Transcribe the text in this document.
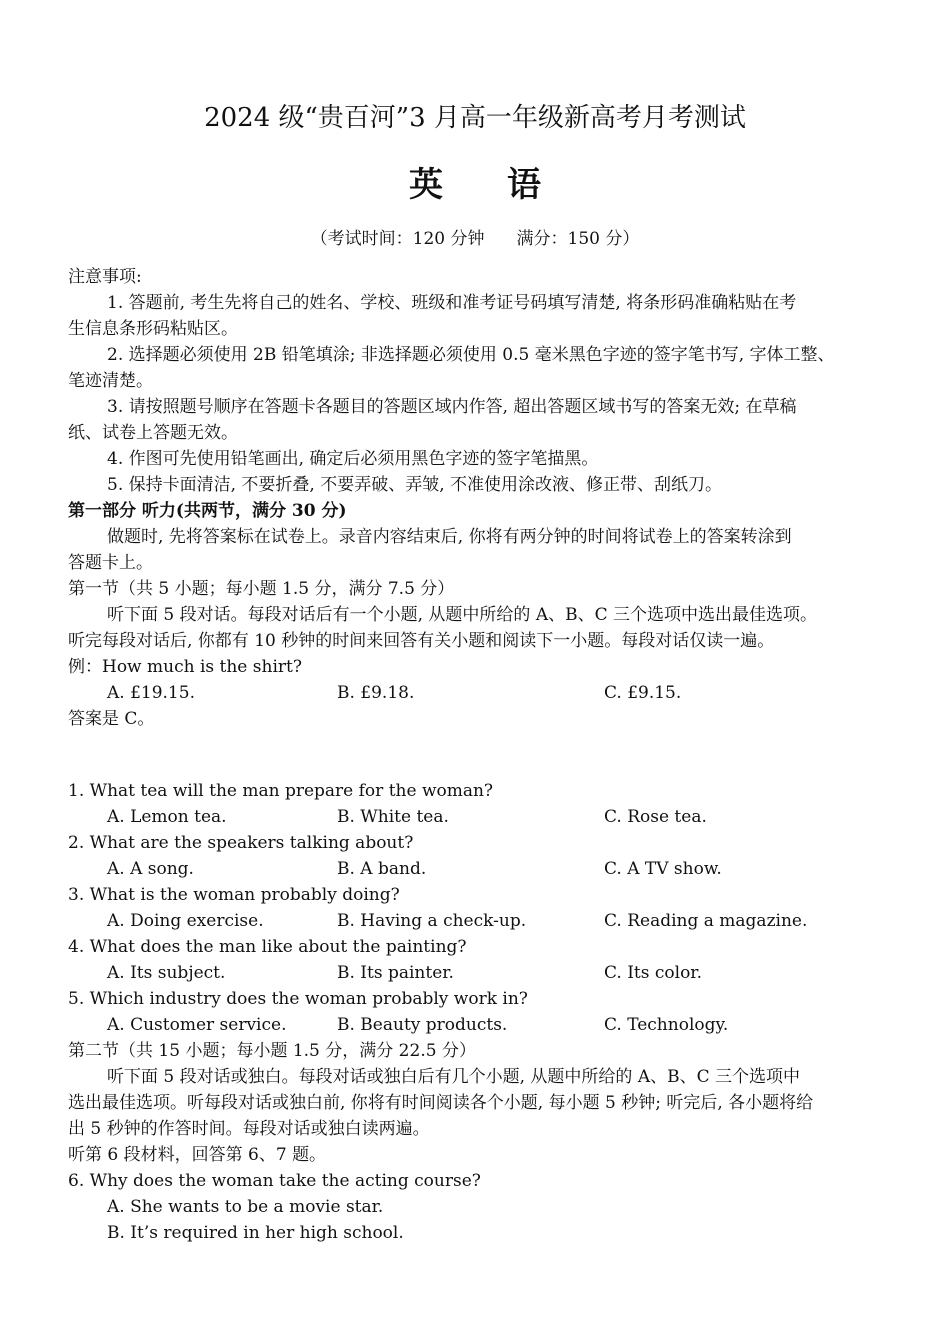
2024 级“贵百河”3 月高一年级新高考月考测试
英语
（考试时间：120 分钟 满分：150 分）
注意事项:
1. 答题前, 考生先将自己的姓名、学校、班级和准考证号码填写清楚, 将条形码准确粘贴在考
生信息条形码粘贴区。
2. 选择题必须使用 2B 铅笔填涂; 非选择题必须使用 0.5 毫米黑色字迹的签字笔书写, 字体工整、
笔迹清楚。
3. 请按照题号顺序在答题卡各题目的答题区域内作答, 超出答题区域书写的答案无效; 在草稿
纸、试卷上答题无效。
4. 作图可先使用铅笔画出, 确定后必须用黑色字迹的签字笔描黑。
5. 保持卡面清洁, 不要折叠, 不要弄破、弄皱, 不准使用涂改液、修正带、刮纸刀。
第一部分 听力(共两节，满分 30 分)
做题时, 先将答案标在试卷上。录音内容结束后, 你将有两分钟的时间将试卷上的答案转涂到
答题卡上。
第一节（共 5 小题；每小题 1.5 分，满分 7.5 分）
听下面 5 段对话。每段对话后有一个小题, 从题中所给的 A、B、C 三个选项中选出最佳选项。
听完每段对话后, 你都有 10 秒钟的时间来回答有关小题和阅读下一小题。每段对话仅读一遍。
例：How much is the shirt?
A. £19.15.	B. £9.18.	C. £9.15.
答案是 C。
1. What tea will the man prepare for the woman?
A. Lemon tea.	B. White tea.	C. Rose tea.
2. What are the speakers talking about?
A. A song.	B. A band.	C. A TV show.
3. What is the woman probably doing?
A. Doing exercise.	B. Having a check-up.	C. Reading a magazine.
4. What does the man like about the painting?
A. Its subject.	B. Its painter.	C. Its color.
5. Which industry does the woman probably work in?
A. Customer service.	B. Beauty products.	C. Technology.
第二节（共 15 小题；每小题 1.5 分，满分 22.5 分）
听下面 5 段对话或独白。每段对话或独白后有几个小题, 从题中所给的 A、B、C 三个选项中
选出最佳选项。听每段对话或独白前, 你将有时间阅读各个小题, 每小题 5 秒钟; 听完后, 各小题将给
出 5 秒钟的作答时间。每段对话或独白读两遍。
听第 6 段材料，回答第 6、7 题。
6. Why does the woman take the acting course?
A. She wants to be a movie star.
B. It’s required in her high school.
